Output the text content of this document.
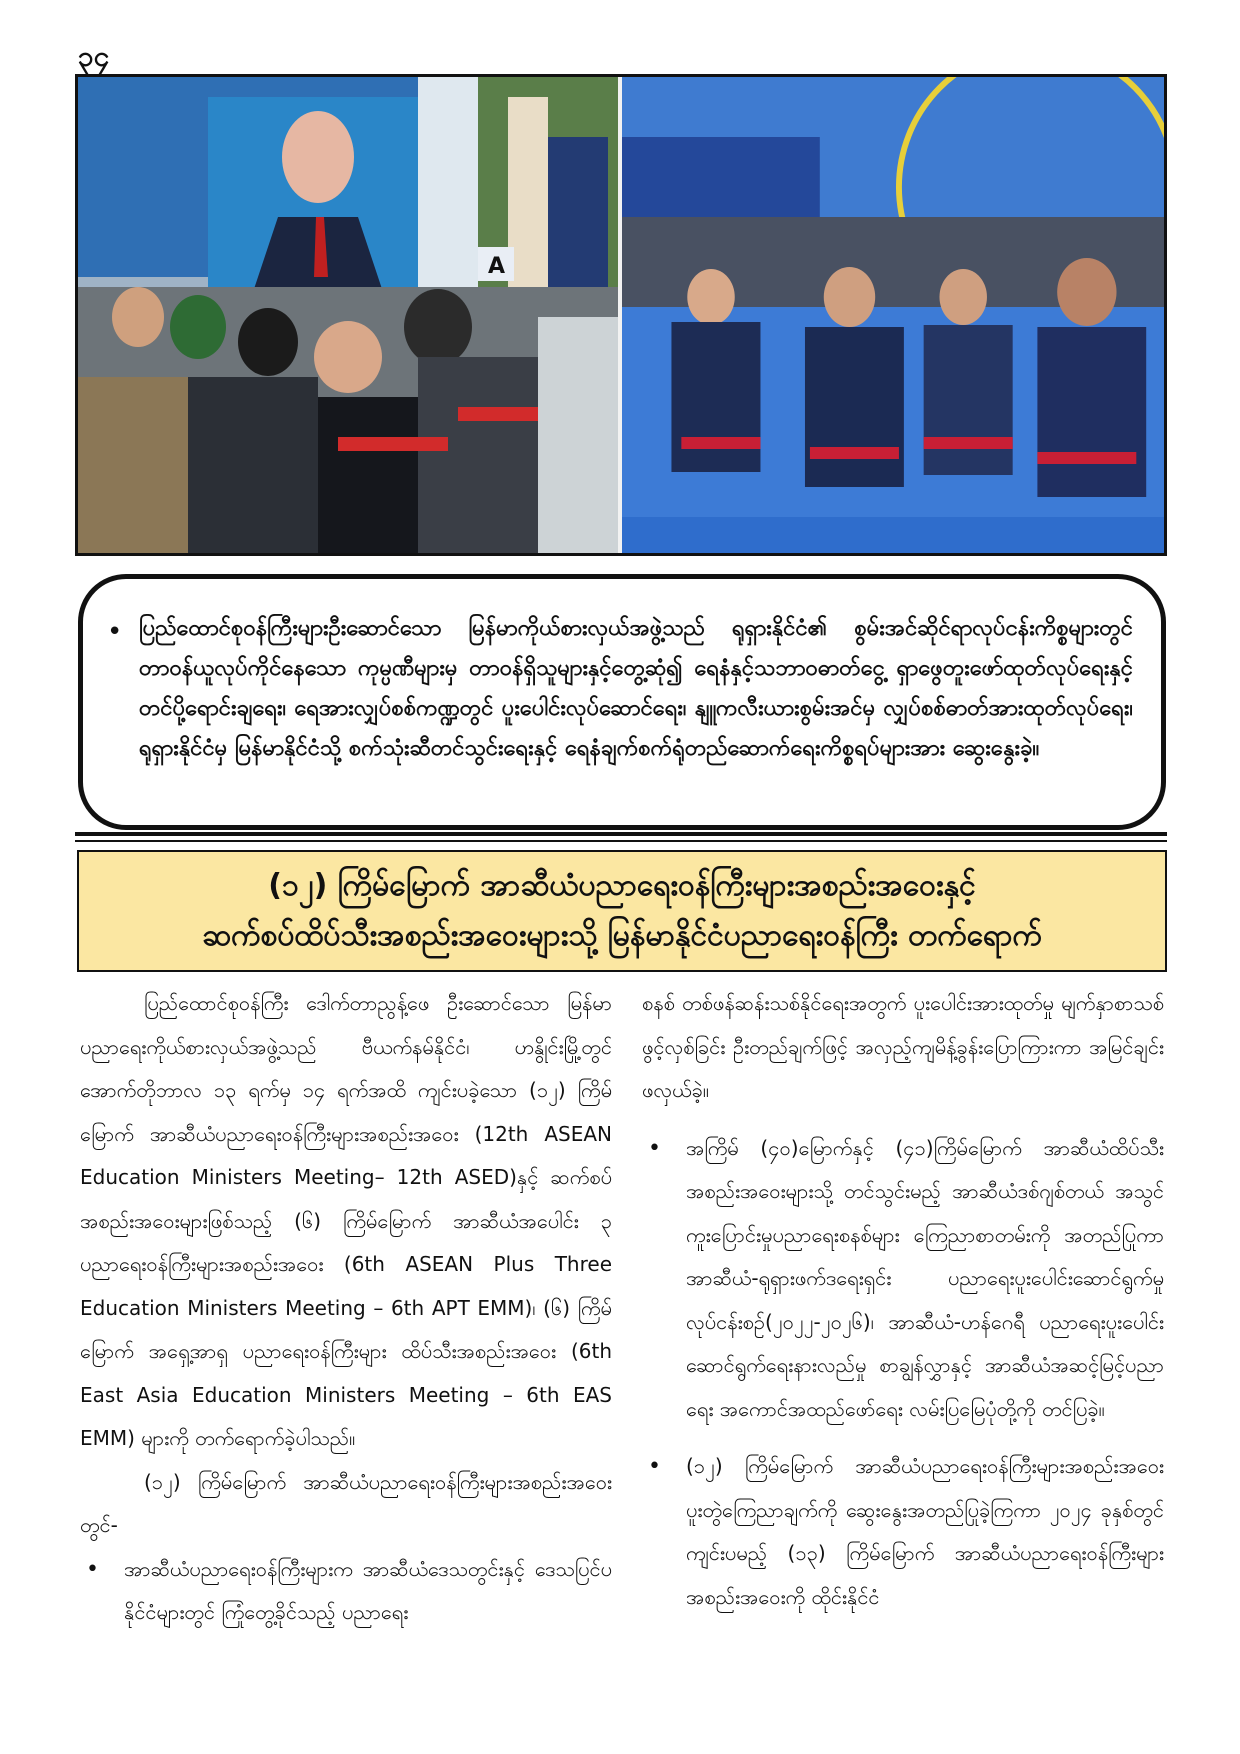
၃၄
A
• ပြည်ထောင်စုဝန်ကြီးများဦးဆောင်သော မြန်မာကိုယ်စားလှယ်အဖွဲ့သည် ရုရှားနိုင်ငံ၏ စွမ်းအင်ဆိုင်ရာလုပ်ငန်းကိစ္စများတွင် တာဝန်ယူလုပ်ကိုင်နေသော ကုမ္ပဏီများမှ တာဝန်ရှိသူများနှင့်တွေ့ဆုံ၍ ရေနံနှင့်သဘာဝဓာတ်ငွေ့ ရှာဖွေတူးဖော်ထုတ်လုပ်ရေးနှင့် တင်ပို့ရောင်းချရေး၊ ရေအားလျှပ်စစ်ကဏ္ဍတွင် ပူးပေါင်းလုပ်ဆောင်ရေး၊ နျူကလီးယားစွမ်းအင်မှ လျှပ်စစ်ဓာတ်အားထုတ်လုပ်ရေး၊ ရုရှားနိုင်ငံမှ မြန်မာနိုင်ငံသို့ စက်သုံးဆီတင်သွင်းရေးနှင့် ရေနံချက်စက်ရုံတည်ဆောက်ရေးကိစ္စရပ်များအား ဆွေးနွေးခဲ့။
(၁၂) ကြိမ်မြောက် အာဆီယံပညာရေးဝန်ကြီးများအစည်းအဝေးနှင့်
ဆက်စပ်ထိပ်သီးအစည်းအဝေးများသို့ မြန်မာနိုင်ငံပညာရေးဝန်ကြီး တက်ရောက်

ပြည်ထောင်စုဝန်ကြီး ဒေါက်တာညွန့်ဖေ ဦးဆောင်သော မြန်မာပညာရေးကိုယ်စားလှယ်အဖွဲ့သည် ဗီယက်နမ်နိုင်ငံ၊ ဟနွိုင်းမြို့တွင် အောက်တိုဘာလ ၁၃ ရက်မှ ၁၄ ရက်အထိ ကျင်းပခဲ့သော (၁၂) ကြိမ်မြောက် အာဆီယံပညာရေးဝန်ကြီးများအစည်းအဝေး (12th ASEAN Education Ministers Meeting– 12th ASED)နှင့် ဆက်စပ်အစည်းအဝေးများဖြစ်သည့် (၆) ကြိမ်မြောက် အာဆီယံအပေါင်း ၃ ပညာရေးဝန်ကြီးများအစည်းအဝေး (6th ASEAN Plus Three Education Ministers Meeting – 6th APT EMM)၊ (၆) ကြိမ်မြောက် အရှေ့အာရှ ပညာရေးဝန်ကြီးများ ထိပ်သီးအစည်းအဝေး (6th East Asia Education Ministers Meeting – 6th EAS EMM) များကို တက်ရောက်ခဲ့ပါသည်။

(၁၂) ကြိမ်မြောက် အာဆီယံပညာရေးဝန်ကြီးများအစည်းအဝေးတွင်-

• အာဆီယံပညာရေးဝန်ကြီးများက အာဆီယံဒေသတွင်းနှင့် ဒေသပြင်ပနိုင်ငံများတွင် ကြုံတွေ့ခိုင်သည့် ပညာရေး

စနစ် တစ်ဖန်ဆန်းသစ်နိုင်ရေးအတွက် ပူးပေါင်းအားထုတ်မှု မျက်နှာစာသစ်ဖွင့်လှစ်ခြင်း ဦးတည်ချက်ဖြင့် အလှည့်ကျမိန့်ခွန်းပြောကြားကာ အမြင်ချင်းဖလှယ်ခဲ့။

• အကြိမ် (၄၀)မြောက်နှင့် (၄၁)ကြိမ်မြောက် အာဆီယံထိပ်သီးအစည်းအဝေးများသို့ တင်သွင်းမည့် အာဆီယံဒစ်ဂျစ်တယ် အသွင်ကူးပြောင်းမှုပညာရေးစနစ်များ ကြေညာစာတမ်းကို အတည်ပြုကာ အာဆီယံ-ရုရှားဖက်ဒရေးရှင်း ပညာရေးပူးပေါင်းဆောင်ရွက်မှုလုပ်ငန်းစဉ်(၂၀၂၂-၂၀၂၆)၊ အာဆီယံ-ဟန်ဂေရီ ပညာရေးပူးပေါင်းဆောင်ရွက်ရေးနားလည်မှု စာချွန်လွှာနှင့် အာဆီယံအဆင့်မြင့်ပညာရေး အကောင်အထည်ဖော်ရေး လမ်းပြမြေပုံတို့ကို တင်ပြခဲ့။

• (၁၂) ကြိမ်မြောက် အာဆီယံပညာရေးဝန်ကြီးများအစည်းအဝေး ပူးတွဲကြေညာချက်ကို ဆွေးနွေးအတည်ပြုခဲ့ကြကာ ၂၀၂၄ ခုနှစ်တွင် ကျင်းပမည့် (၁၃) ကြိမ်မြောက် အာဆီယံပညာရေးဝန်ကြီးများ အစည်းအဝေးကို ထိုင်းနိုင်ငံ
